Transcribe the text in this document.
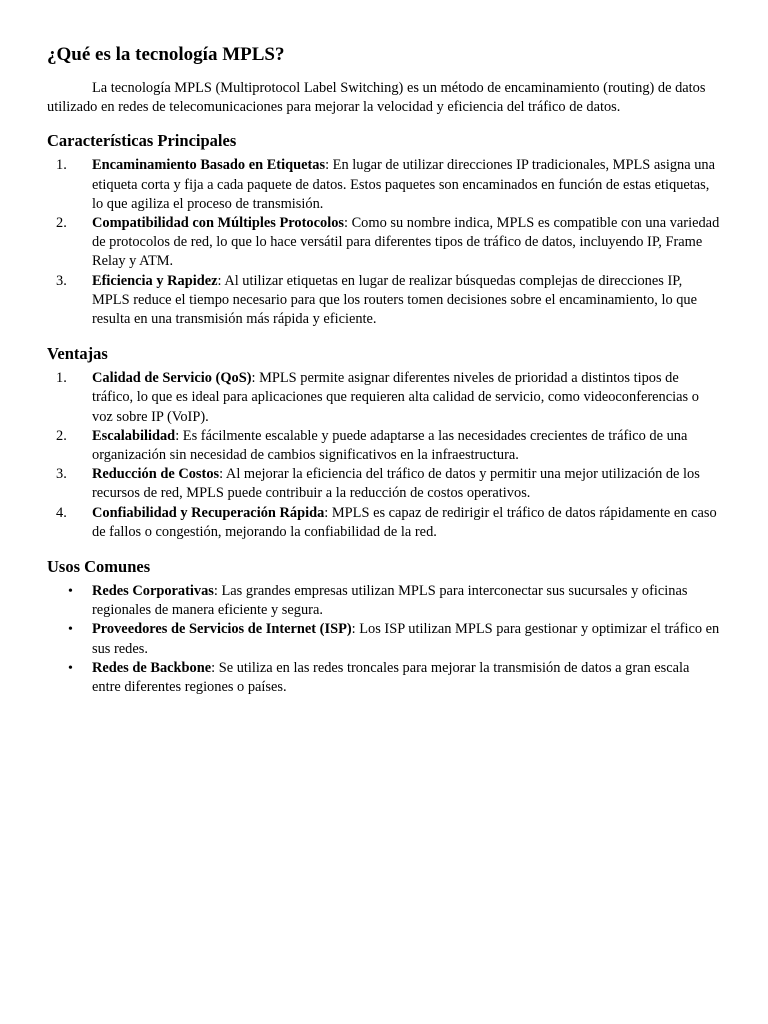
¿Qué es la tecnología MPLS?

La tecnología MPLS (Multiprotocol Label Switching) es un método de encaminamiento (routing) de datos utilizado en redes de telecomunicaciones para mejorar la velocidad y eficiencia del tráfico de datos.

Características Principales
1. Encaminamiento Basado en Etiquetas: En lugar de utilizar direcciones IP tradicionales, MPLS asigna una etiqueta corta y fija a cada paquete de datos. Estos paquetes son encaminados en función de estas etiquetas, lo que agiliza el proceso de transmisión.
2. Compatibilidad con Múltiples Protocolos: Como su nombre indica, MPLS es compatible con una variedad de protocolos de red, lo que lo hace versátil para diferentes tipos de tráfico de datos, incluyendo IP, Frame Relay y ATM.
3. Eficiencia y Rapidez: Al utilizar etiquetas en lugar de realizar búsquedas complejas de direcciones IP, MPLS reduce el tiempo necesario para que los routers tomen decisiones sobre el encaminamiento, lo que resulta en una transmisión más rápida y eficiente.
Ventajas
1. Calidad de Servicio (QoS): MPLS permite asignar diferentes niveles de prioridad a distintos tipos de tráfico, lo que es ideal para aplicaciones que requieren alta calidad de servicio, como videoconferencias o voz sobre IP (VoIP).
2. Escalabilidad: Es fácilmente escalable y puede adaptarse a las necesidades crecientes de tráfico de una organización sin necesidad de cambios significativos en la infraestructura.
3. Reducción de Costos: Al mejorar la eficiencia del tráfico de datos y permitir una mejor utilización de los recursos de red, MPLS puede contribuir a la reducción de costos operativos.
4. Confiabilidad y Recuperación Rápida: MPLS es capaz de redirigir el tráfico de datos rápidamente en caso de fallos o congestión, mejorando la confiabilidad de la red.
Usos Comunes
• Redes Corporativas: Las grandes empresas utilizan MPLS para interconectar sus sucursales y oficinas regionales de manera eficiente y segura.
• Proveedores de Servicios de Internet (ISP): Los ISP utilizan MPLS para gestionar y optimizar el tráfico en sus redes.
• Redes de Backbone: Se utiliza en las redes troncales para mejorar la transmisión de datos a gran escala entre diferentes regiones o países.
